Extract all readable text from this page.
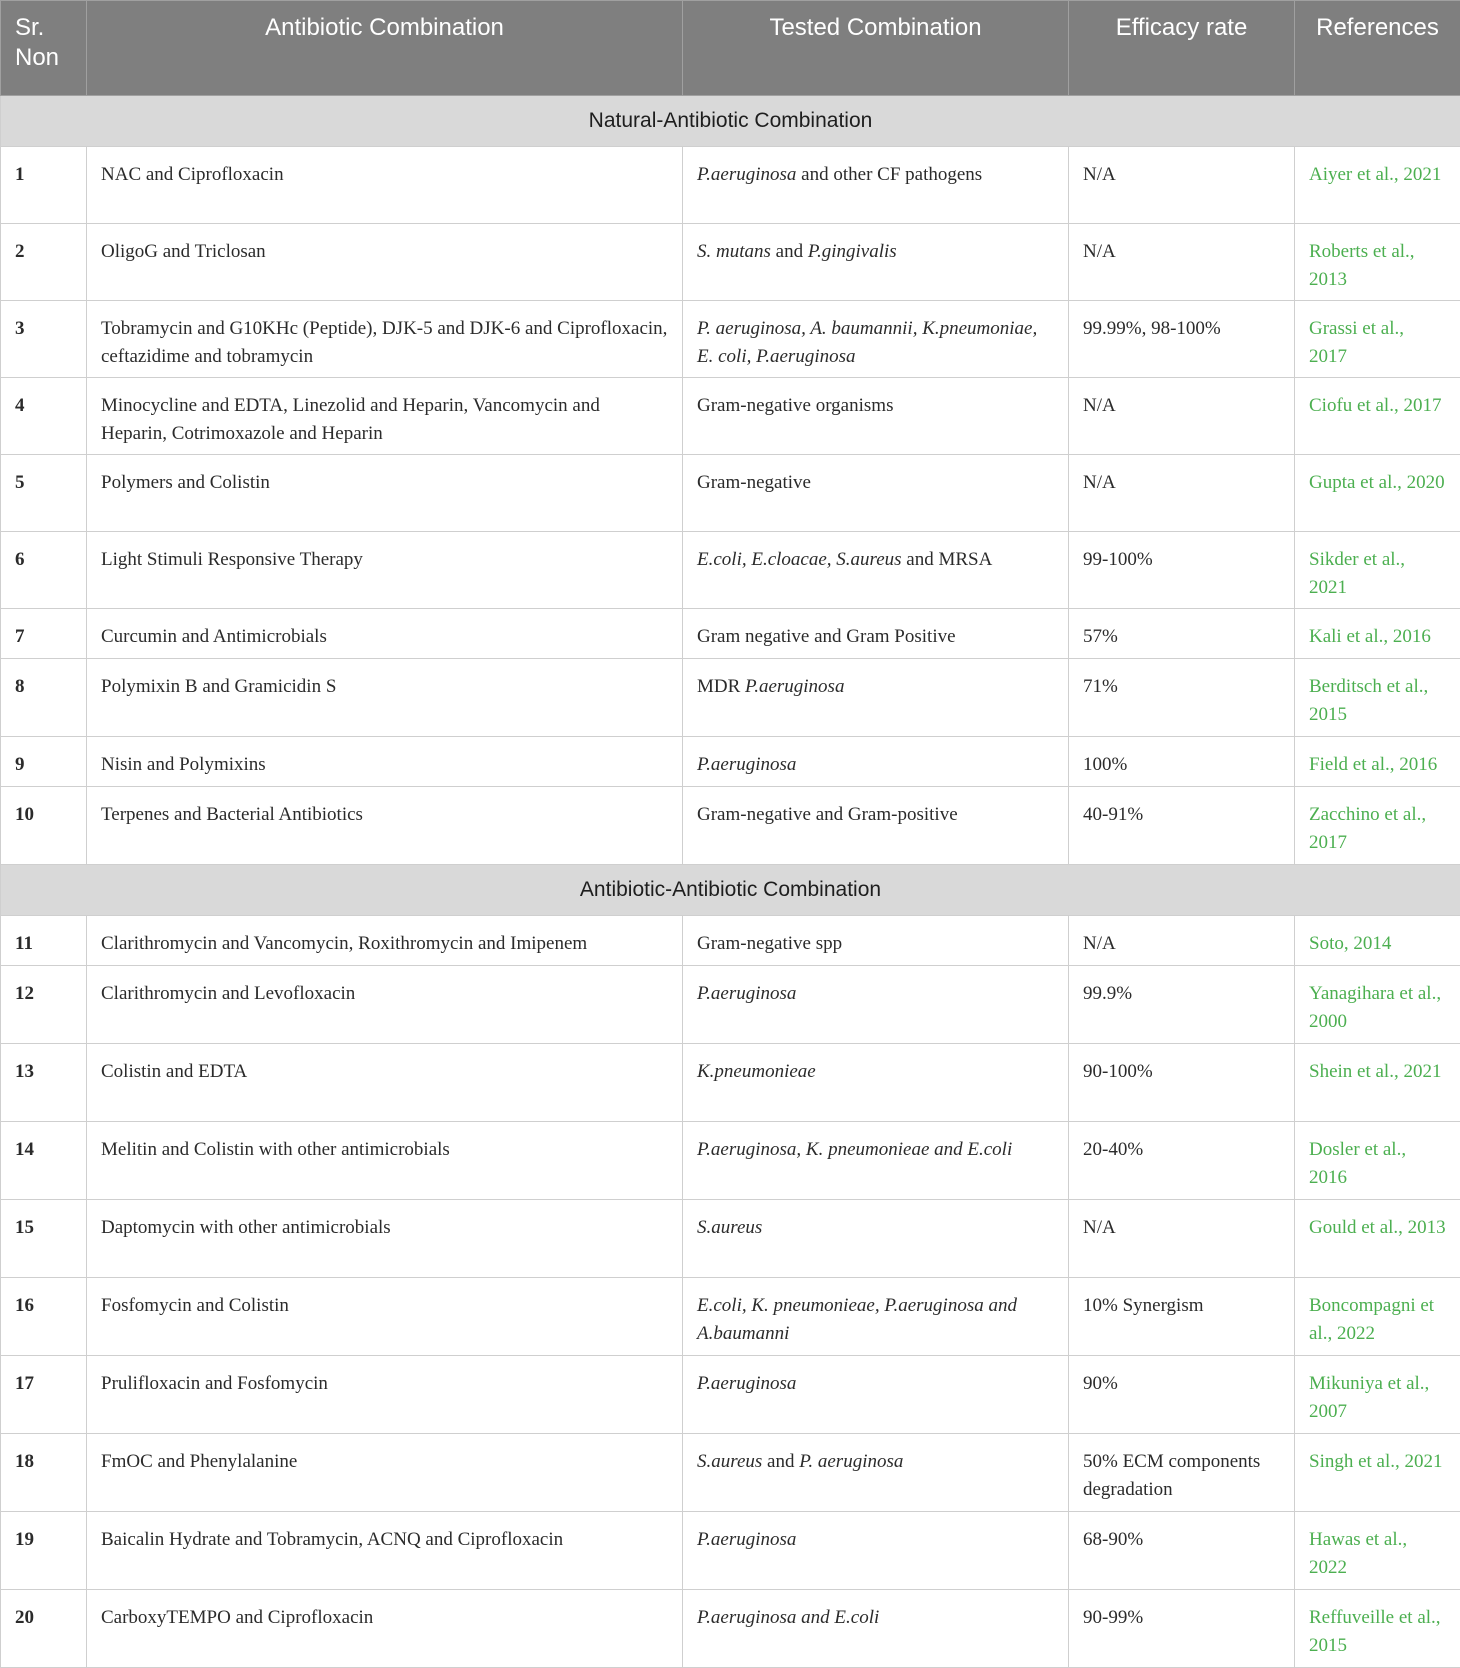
Sr. Non	Antibiotic Combination	Tested Combination	Efficacy rate	References
Natural-Antibiotic Combination				
1	NAC and Ciprofloxacin	P.aeruginosa and other CF pathogens	N/A	Aiyer et al., 2021
2	OligoG and Triclosan	S. mutans and P.gingivalis	N/A	Roberts et al., 2013
3	Tobramycin and G10KHc (Peptide), DJK-5 and DJK-6 and Ciprofloxacin, ceftazidime and tobramycin	P. aeruginosa, A. baumannii, K.pneumoniae, E. coli, P.aeruginosa	99.99%, 98-100%	Grassi et al., 2017
4	Minocycline and EDTA, Linezolid and Heparin, Vancomycin and Heparin, Cotrimoxazole and Heparin	Gram-negative organisms	N/A	Ciofu et al., 2017
5	Polymers and Colistin	Gram-negative	N/A	Gupta et al., 2020
6	Light Stimuli Responsive Therapy	E.coli, E.cloacae, S.aureus and MRSA	99-100%	Sikder et al., 2021
7	Curcumin and Antimicrobials	Gram negative and Gram Positive	57%	Kali et al., 2016
8	Polymixin B and Gramicidin S	MDR P.aeruginosa	71%	Berditsch et al., 2015
9	Nisin and Polymixins	P.aeruginosa	100%	Field et al., 2016
10	Terpenes and Bacterial Antibiotics	Gram-negative and Gram-positive	40-91%	Zacchino et al., 2017
Antibiotic-Antibiotic Combination				
11	Clarithromycin and Vancomycin, Roxithromycin and Imipenem	Gram-negative spp	N/A	Soto, 2014
12	Clarithromycin and Levofloxacin	P.aeruginosa	99.9%	Yanagihara et al., 2000
13	Colistin and EDTA	K.pneumonieae	90-100%	Shein et al., 2021
14	Melitin and Colistin with other antimicrobials	P.aeruginosa, K. pneumonieae and E.coli	20-40%	Dosler et al., 2016
15	Daptomycin with other antimicrobials	S.aureus	N/A	Gould et al., 2013
16	Fosfomycin and Colistin	E.coli, K. pneumonieae, P.aeruginosa and A.baumanni	10% Synergism	Boncompagni et al., 2022
17	Prulifloxacin and Fosfomycin	P.aeruginosa	90%	Mikuniya et al., 2007
18	FmOC and Phenylalanine	S.aureus and P. aeruginosa	50% ECM components degradation	Singh et al., 2021
19	Baicalin Hydrate and Tobramycin, ACNQ and Ciprofloxacin	P.aeruginosa	68-90%	Hawas et al., 2022
20	CarboxyTEMPO and Ciprofloxacin	P.aeruginosa and E.coli	90-99%	Reffuveille et al., 2015
